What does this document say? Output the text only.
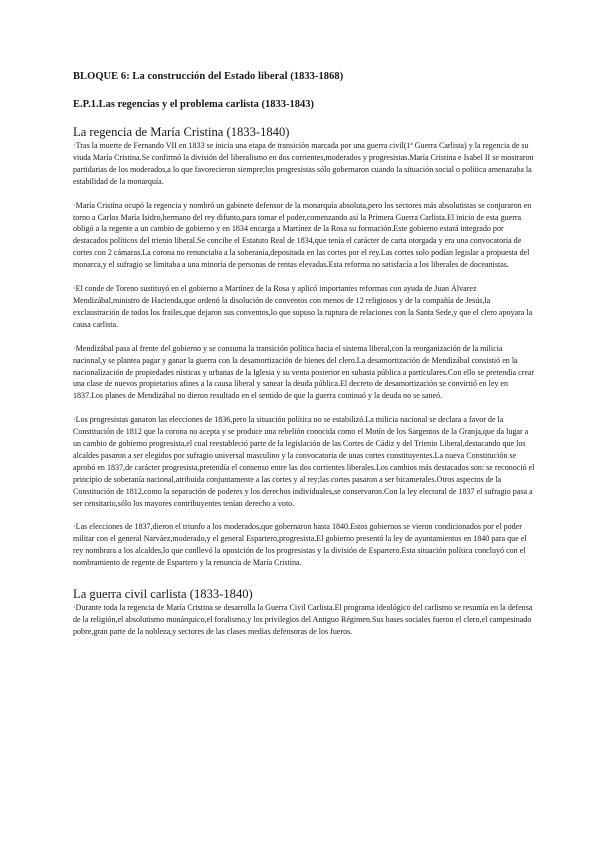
BLOQUE 6: La construcción del Estado liberal (1833-1868)
E.P.1.Las regencias y el problema carlista (1833-1843)
La regencia de María Cristina (1833-1840)
·Tras la muerte de Fernando VII en 1833 se inicia una etapa de transición marcada por una guerra civil(1ª Guerra Carlista) y la regencia de su viuda María Cristina.Se confirmó la división del liberalismo en dos corrientes,moderados y progresistas.María Cristina e Isabel II se mostraron partidarias de los moderados,a lo que favorecieron siempre;los progresistas sólo gobernaron cuando la situación social o política amenazaba la estabilidad de la monarquía.
·María Cristina ocupó la regencia y nombró un gabinete defensor de la monarquía absoluta,pero los sectores más absolutistas se conjuraron en torno a Carlos María Isidro,hermano del rey difunto,para tomar el poder,comenzando así la Primera Guerra Carlista.El inicio de esta guerra obligó a la regente a un cambio de gobierno y en 1834 encarga a Martínez de la Rosa su formación.Este gobierno estará integrado por destacados políticos del trienio liberal.Se concibe el Estatuto Real de 1834,que tenía el carácter de carta otorgada y era una convocatoria de cortes con 2 cámaras.La corona no renunciaba a la soberanía,depositada en las cortes por el rey.Las cortes solo podían legislar a propuesta del monarca,y el sufragio se limitaba a una minoría de personas de rentas elevadas.Esta reforma no satisfacía a los liberales de doceanistas.
·El conde de Toreno sustituyó en el gobierno a Martínez de la Rosa y aplicó importantes reformas con ayuda de Juan Álvarez Mendizábal,ministro de Hacienda,que ordenó la disolución de conventos con menos de 12 religiosos y de la compañía de Jesús,la exclaustración de todos los frailes,que dejaron sus conventos,lo que supuso la ruptura de relaciones con la Santa Sede,y que el clero apoyara la causa carlista.
·Mendizábal pasa al frente del gobierno y se consuma la transición política hacia el sistema liberal,con la reorganización de la milicia nacional,y se plantea pagar y ganar la guerra con la desamortización de bienes del clero.La desamortización de Mendizábal consistió en la nacionalización de propiedades rústicas y urbanas de la Iglesia y su venta posterior en subasta pública a particulares.Con ello se pretendía crear una clase de nuevos propietarios afines a la causa liberal y sanear la deuda pública.El decreto de desamortización se convirtió en ley en 1837.Los planes de Mendizábal no dieron resultado en el sentido de que la guerra continuó y la deuda no se saneó.
·Los progresistas ganaron las elecciones de 1836,pero la situación política no se estabilizó.La milicia nacional se declara a favor de la Constitución de 1812 que la corona no acepta y se produce una rebelión conocida como el Motín de los Sargentos de la Granja,que da lugar a un cambio de gobierno progresista,el cual reestableció parte de la legislación de las Cortes de Cádiz y del Trienio Liberal,destacando que los alcaldes pasaron a ser elegidos por sufragio universal masculino y la convocatoria de unas cortes constituyentes.La nueva Constitución se aprobó en 1837,de carácter progresista,pretendía el consenso entre las dos corrientes liberales.Los cambios más destacados son: se reconoció el principio de soberanía nacional,atribuida conjuntamente a las cortes y al rey;las cortes pasaron a ser bicamerales.Otros aspectos de la Constitución de 1812,como la separación de poderes y los derechos individuales,se conservaron.Con la ley electoral de 1837 el sufragio pasa a ser censitario,sólo los mayores contribuyentes tenían derecho a voto.
·Las elecciones de 1837,dieron el triunfo a los moderados,que gobernaron hasta 1840.Estos gobiernos se vieron condicionados por el poder militar con el general Narváez,moderado,y el general Espartero,progresista.El gobierno presentó la ley de ayuntamientos en 1840 para que el rey nombrara a los alcaldes,lo que conllevó la oposición de los progresistas y la división de Espartero.Esta situación política concluyó con el nombramiento de regente de Espartero y la renuncia de María Cristina.
La guerra civil carlista (1833-1840)
·Durante toda la regencia de María Cristina se desarrolla la Guerra Civil Carlista.El programa ideológico del carlismo se resumía en la defensa de la religión,el absolutismo monárquico,el foralismo,y los privilegios del Antiguo Régimen.Sus bases sociales fueron el clero,el campesinado pobre,gran parte de la nobleza,y sectores de las clases medias defensoras de los fueros.
